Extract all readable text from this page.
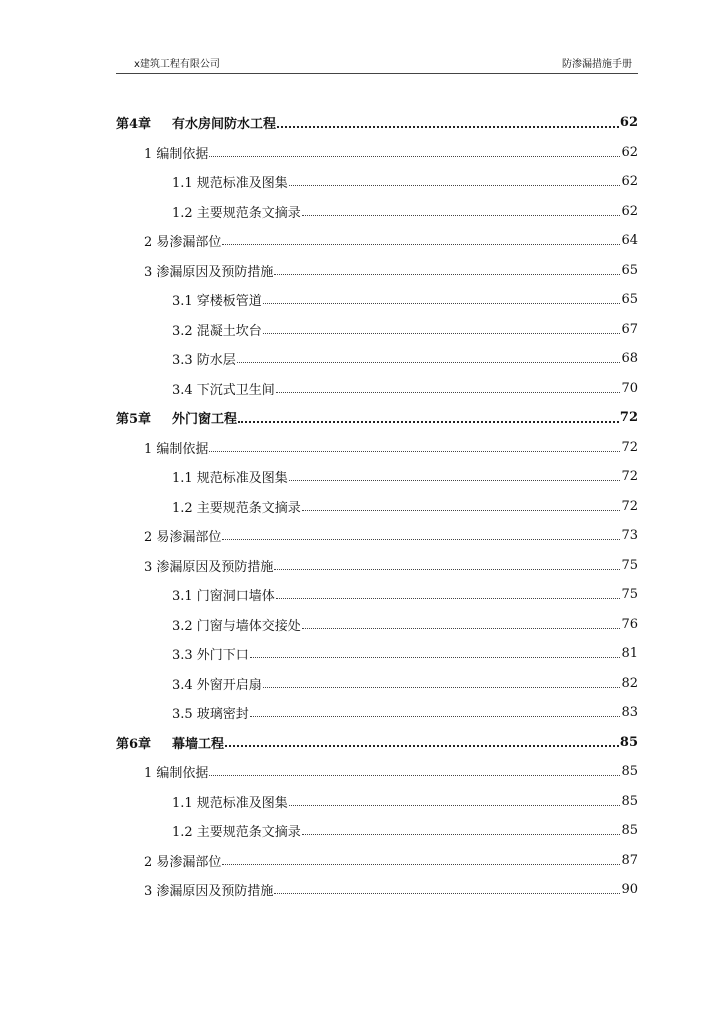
x建筑工程有限公司	防渗漏措施手册
第4章 有水房间防水工程	62
1 编制依据	62
1.1 规范标准及图集	62
1.2 主要规范条文摘录	62
2 易渗漏部位	64
3 渗漏原因及预防措施	65
3.1 穿楼板管道	65
3.2 混凝土坎台	67
3.3 防水层	68
3.4 下沉式卫生间	70
第5章 外门窗工程	72
1 编制依据	72
1.1 规范标准及图集	72
1.2 主要规范条文摘录	72
2 易渗漏部位	73
3 渗漏原因及预防措施	75
3.1 门窗洞口墙体	75
3.2 门窗与墙体交接处	76
3.3 外门下口	81
3.4 外窗开启扇	82
3.5 玻璃密封	83
第6章 幕墙工程	85
1 编制依据	85
1.1 规范标准及图集	85
1.2 主要规范条文摘录	85
2 易渗漏部位	87
3 渗漏原因及预防措施	90
